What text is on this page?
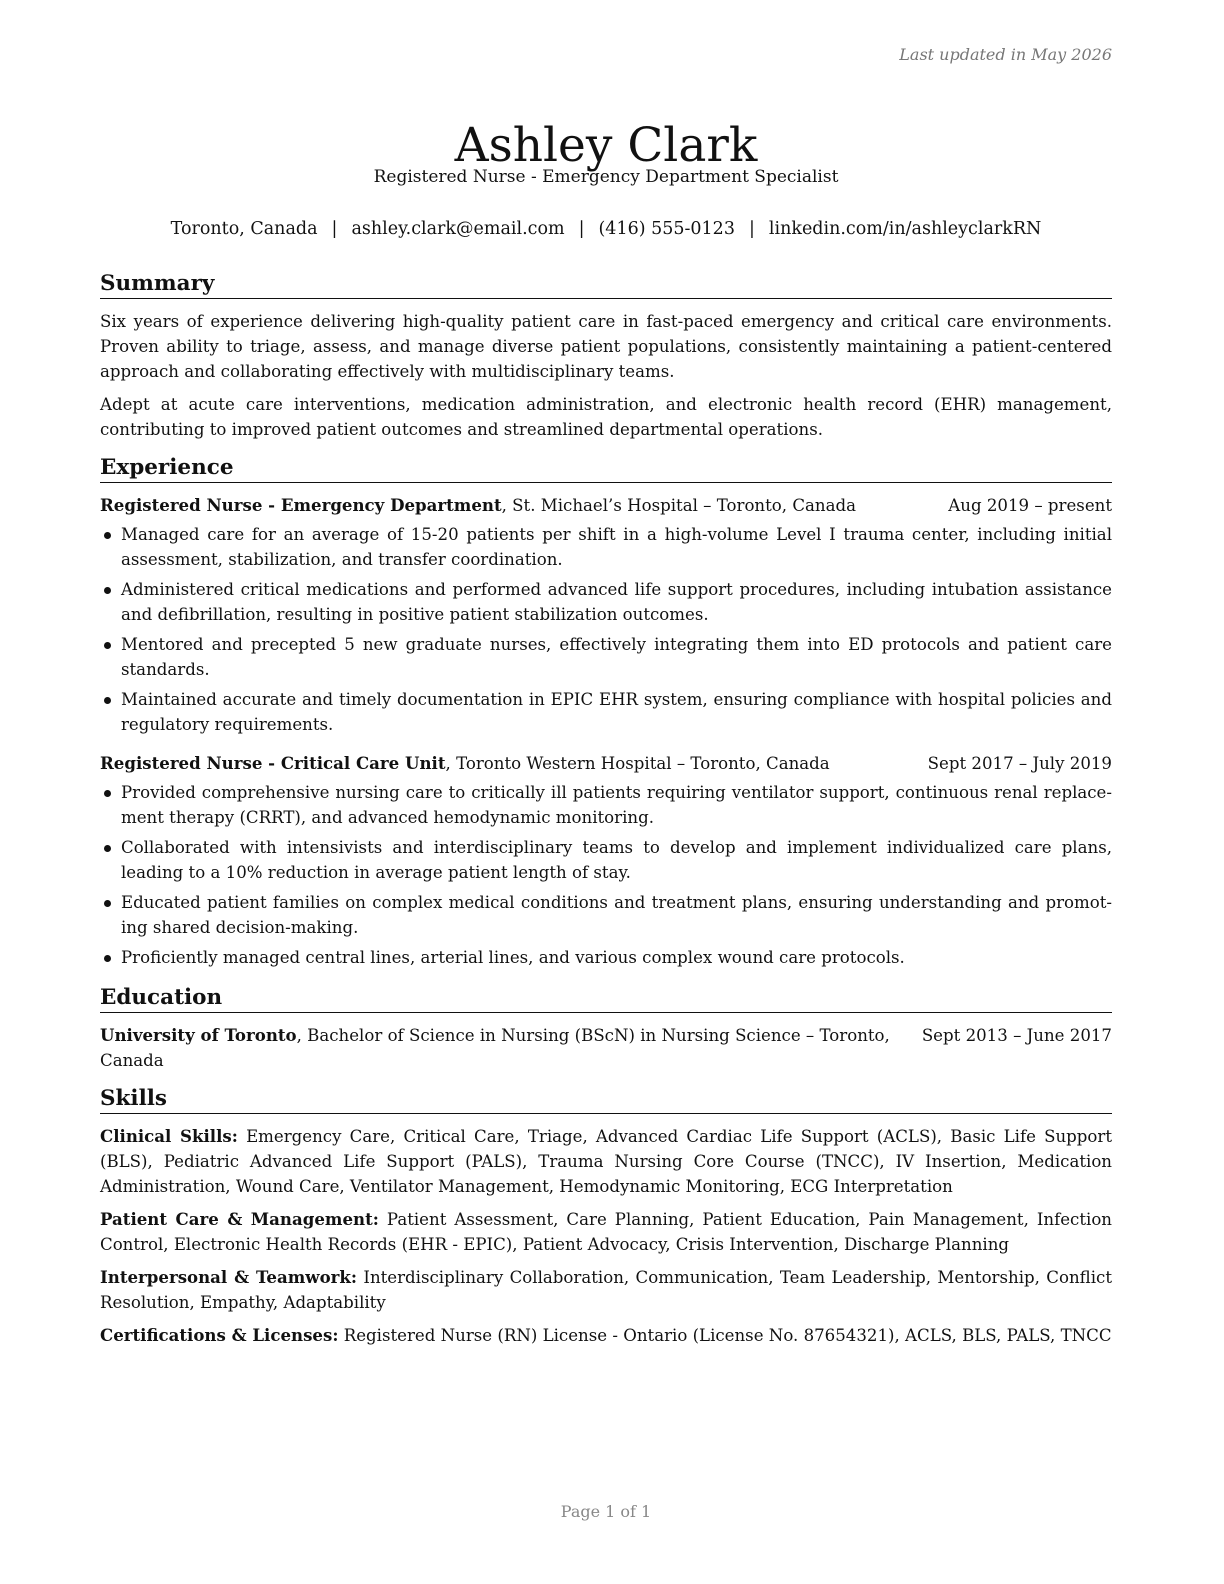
Last updated in May 2026
Ashley Clark
Registered Nurse - Emergency Department Specialist
Toronto, Canada | ashley.clark@email.com | (416) 555-0123 | linkedin.com/in/ashleyclarkRN
Summary

Six years of experience delivering high-quality patient care in fast-paced emergency and critical care environments. Proven ability to triage, assess, and manage diverse patient populations, consistently maintaining a patient-centered approach and collaborating effectively with multidisciplinary teams.

Adept at acute care interventions, medication administration, and electronic health record (EHR) management, contributing to improved patient outcomes and streamlined departmental operations.

Experience
Registered Nurse - Emergency Department, St. Michael’s Hospital – Toronto, Canada	Aug 2019 – present
Managed care for an average of 15-20 patients per shift in a high-volume Level I trauma center, including initial assessment, stabilization, and transfer coordination.
Administered critical medications and performed advanced life support procedures, including intubation assistance and defibrillation, resulting in positive patient stabilization outcomes.
Mentored and precepted 5 new graduate nurses, effectively integrating them into ED protocols and patient care standards.
Maintained accurate and timely documentation in EPIC EHR system, ensuring compliance with hospital policies and regulatory requirements.
Registered Nurse - Critical Care Unit, Toronto Western Hospital – Toronto, Canada	Sept 2017 – July 2019
Provided comprehensive nursing care to critically ill patients requiring ventilator support, continuous renal replacement therapy (CRRT), and advanced hemodynamic monitoring.
Collaborated with intensivists and interdisciplinary teams to develop and implement individualized care plans, leading to a 10% reduction in average patient length of stay.
Educated patient families on complex medical conditions and treatment plans, ensuring understanding and promoting shared decision-making.
Proficiently managed central lines, arterial lines, and various complex wound care protocols.
Education
University of Toronto, Bachelor of Science in Nursing (BScN) in Nursing Science – Toronto, Canada
Sept 2013 – June 2017
Skills

Clinical Skills: Emergency Care, Critical Care, Triage, Advanced Cardiac Life Support (ACLS), Basic Life Support (BLS), Pediatric Advanced Life Support (PALS), Trauma Nursing Core Course (TNCC), IV Insertion, Medication Administration, Wound Care, Ventilator Management, Hemodynamic Monitoring, ECG Interpretation

Patient Care & Management: Patient Assessment, Care Planning, Patient Education, Pain Management, Infection Control, Electronic Health Records (EHR - EPIC), Patient Advocacy, Crisis Intervention, Discharge Planning

Interpersonal & Teamwork: Interdisciplinary Collaboration, Communication, Team Leadership, Mentorship, Conflict Resolution, Empathy, Adaptability

Certifications & Licenses: Registered Nurse (RN) License - Ontario (License No. 87654321), ACLS, BLS, PALS, TNCC

Page 1 of 1
